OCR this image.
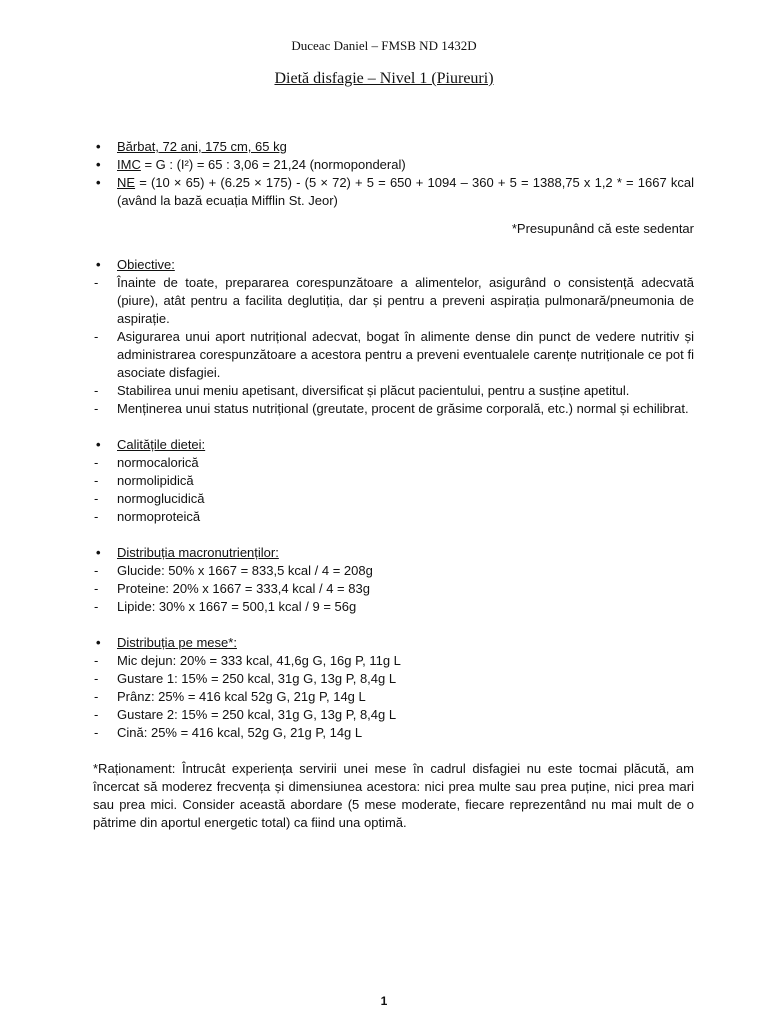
Duceac Daniel – FMSB ND 1432D
Dietă disfagie – Nivel 1 (Piureuri)
• Bărbat, 72 ani, 175 cm, 65 kg
• IMC = G : (I²) = 65 : 3,06 = 21,24 (normoponderal)
• NE = (10 × 65) + (6.25 × 175) - (5 × 72) + 5 = 650 + 1094 – 360 + 5 = 1388,75 x 1,2 * = 1667 kcal (având la bază ecuația Mifflin St. Jeor)
*Presupunând că este sedentar
• Obiective:
- Înainte de toate, prepararea corespunzătoare a alimentelor, asigurând o consistență adecvată (piure), atât pentru a facilita deglutiția, dar și pentru a preveni aspirația pulmonară/pneumonia de aspirație.
- Asigurarea unui aport nutrițional adecvat, bogat în alimente dense din punct de vedere nutritiv și administrarea corespunzătoare a acestora pentru a preveni eventualele carențe nutriționale ce pot fi asociate disfagiei.
- Stabilirea unui meniu apetisant, diversificat și plăcut pacientului, pentru a susține apetitul.
- Menținerea unui status nutrițional (greutate, procent de grăsime corporală, etc.) normal și echilibrat.
• Calitățile dietei:
- normocalorică
- normolipidică
- normoglucidică
- normoproteică
• Distribuția macronutrienților:
- Glucide: 50% x 1667 = 833,5 kcal / 4 = 208g
- Proteine: 20% x 1667 = 333,4 kcal / 4 = 83g
- Lipide: 30% x 1667 = 500,1 kcal / 9 = 56g
• Distribuția pe mese*:
- Mic dejun: 20% = 333 kcal, 41,6g G, 16g P, 11g L
- Gustare 1: 15% = 250 kcal, 31g G, 13g P, 8,4g L
- Prânz: 25% = 416 kcal 52g G, 21g P, 14g L
- Gustare 2: 15% = 250 kcal, 31g G, 13g P, 8,4g L
- Cină: 25% = 416 kcal, 52g G, 21g P, 14g L
*Raționament: Întrucât experiența servirii unei mese în cadrul disfagiei nu este tocmai plăcută, am încercat să moderez frecvența și dimensiunea acestora: nici prea multe sau prea puține, nici prea mari sau prea mici. Consider această abordare (5 mese moderate, fiecare reprezentând nu mai mult de o pătrime din aportul energetic total) ca fiind una optimă.
1
